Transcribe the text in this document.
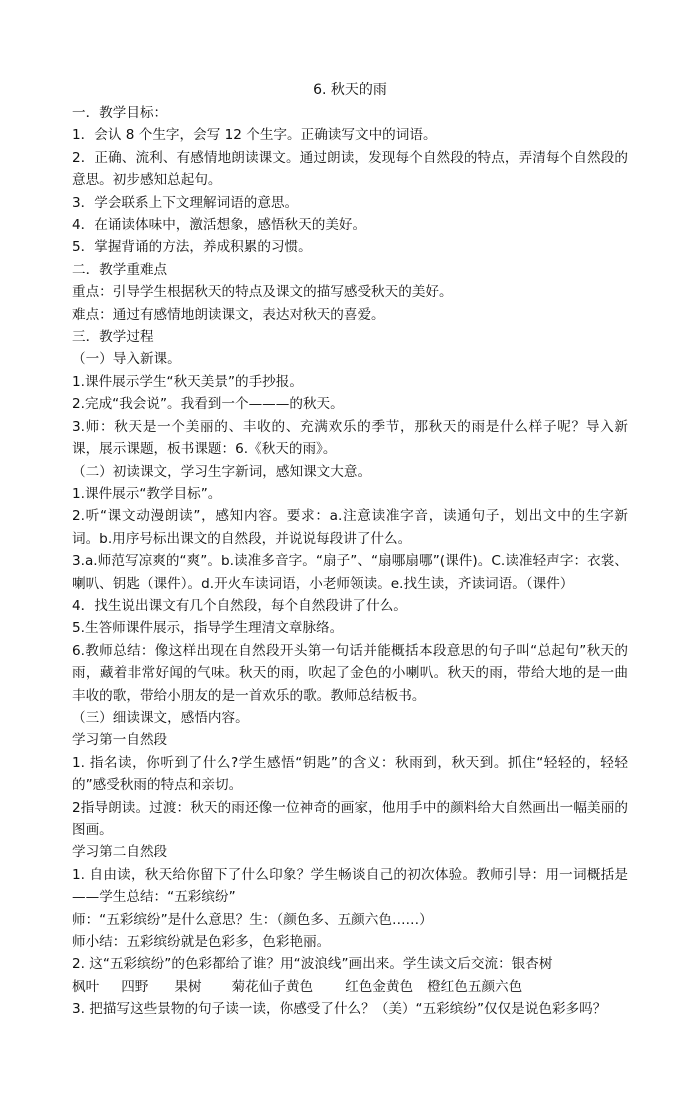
6. 秋天的雨

一．教学目标：

1．会认 8 个生字，会写 12 个生字。正确读写文中的词语。

2．正确、流利、有感情地朗读课文。通过朗读，发现每个自然段的特点，弄清每个自然段的意思。初步感知总起句。

3．学会联系上下文理解词语的意思。

4．在诵读体味中，激活想象，感悟秋天的美好。

5．掌握背诵的方法，养成积累的习惯。

二．教学重难点

重点：引导学生根据秋天的特点及课文的描写感受秋天的美好。

难点：通过有感情地朗读课文，表达对秋天的喜爱。

三．教学过程

（一）导入新课。

1.课件展示学生“秋天美景”的手抄报。

2.完成“我会说”。我看到一个———的秋天。

3.师：秋天是一个美丽的、丰收的、充满欢乐的季节，那秋天的雨是什么样子呢？导入新课，展示课题，板书课题：6.《秋天的雨》。

（二）初读课文，学习生字新词，感知课文大意。

1.课件展示“教学目标”。

2.听“课文动漫朗读”，感知内容。要求：a.注意读准字音，读通句子，划出文中的生字新词。b.用序号标出课文的自然段，并说说每段讲了什么。

3.a.师范写凉爽的“爽”。b.读准多音字。“扇子”、“扇哪扇哪”(课件)。C.读准轻声字：衣裳、喇叭、钥匙（课件）。d.开火车读词语，小老师领读。e.找生读，齐读词语。（课件）

4．找生说出课文有几个自然段，每个自然段讲了什么。

5.生答师课件展示，指导学生理清文章脉络。

6.教师总结：像这样出现在自然段开头第一句话并能概括本段意思的句子叫“总起句”秋天的雨，藏着非常好闻的气味。秋天的雨，吹起了金色的小喇叭。秋天的雨，带给大地的是一曲丰收的歌，带给小朋友的是一首欢乐的歌。教师总结板书。

（三）细读课文，感悟内容。

学习第一自然段

1. 指名读，你听到了什么?学生感悟“钥匙”的含义：秋雨到，秋天到。抓住“轻轻的，轻轻的”感受秋雨的特点和亲切。

2指导朗读。过渡：秋天的雨还像一位神奇的画家，他用手中的颜料给大自然画出一幅美丽的图画。

学习第二自然段

1. 自由读，秋天给你留下了什么印象？学生畅谈自己的初次体验。教师引导：用一词概括是——学生总结：“五彩缤纷”

师：“五彩缤纷”是什么意思？生：（颜色多、五颜六色……）

师小结：五彩缤纷就是色彩多，色彩艳丽。

2. 这“五彩缤纷”的色彩都给了谁？用“波浪线”画出来。学生读文后交流：银杏树

枫叶 四野 果树 菊花仙子黄色 红色金黄色 橙红色五颜六色

3. 把描写这些景物的句子读一读，你感受了什么？（美）“五彩缤纷”仅仅是说色彩多吗？
